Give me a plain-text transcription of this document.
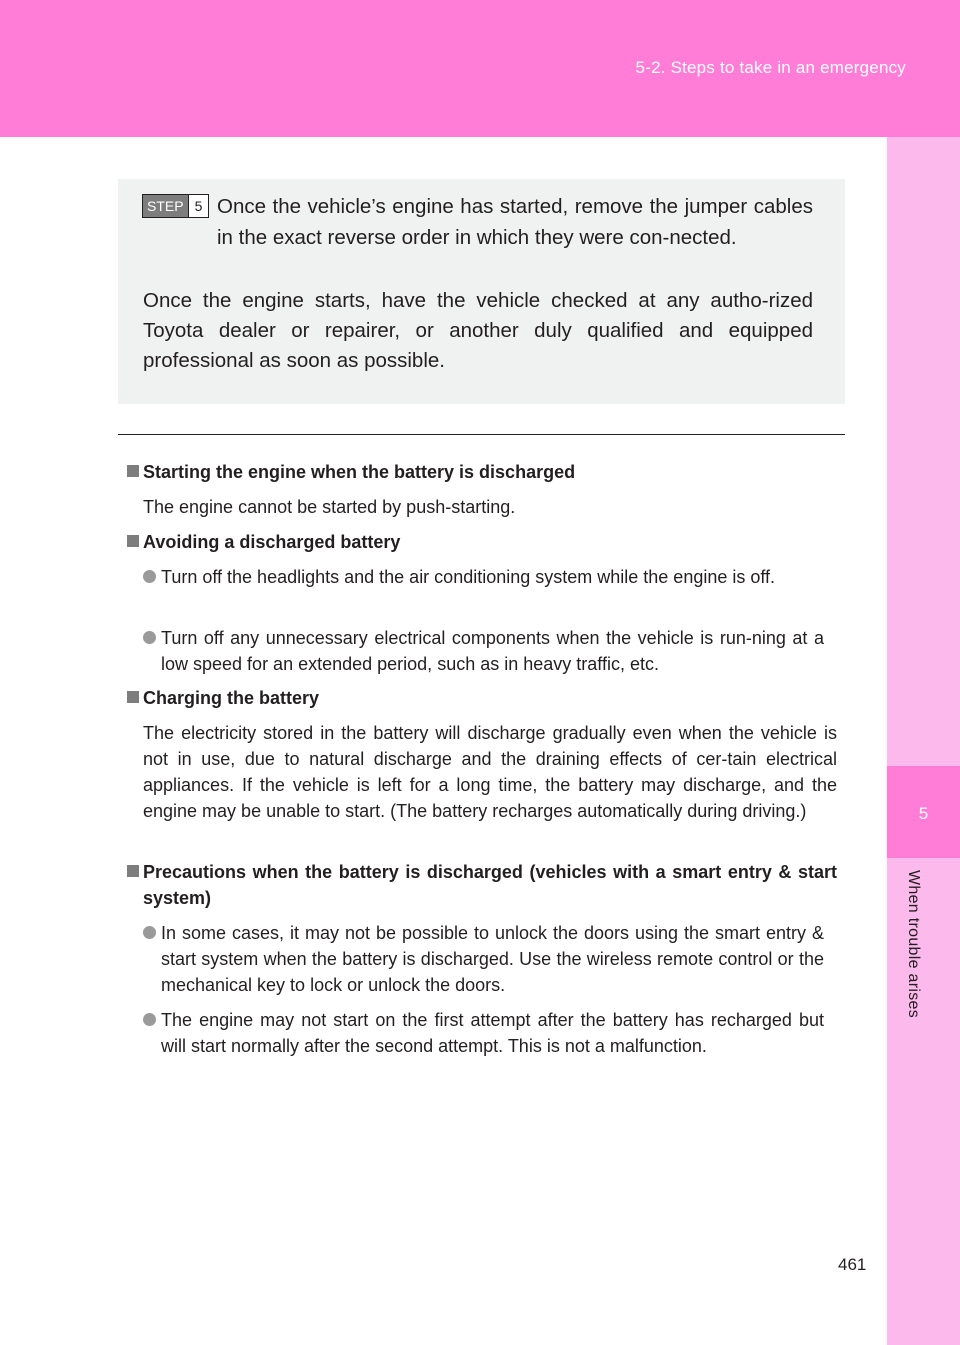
5-2. Steps to take in an emergency
5
When trouble arises
STEP 5 Once the vehicle’s engine has started, remove the jumper cables in the exact reverse order in which they were con-nected.
Once the engine starts, have the vehicle checked at any autho-rized Toyota dealer or repairer, or another duly qualified and equipped professional as soon as possible.
Starting the engine when the battery is discharged
The engine cannot be started by push-starting.
Avoiding a discharged battery
Turn off the headlights and the air conditioning system while the engine is off.
Turn off any unnecessary electrical components when the vehicle is run-ning at a low speed for an extended period, such as in heavy traffic, etc.
Charging the battery
The electricity stored in the battery will discharge gradually even when the vehicle is not in use, due to natural discharge and the draining effects of cer-tain electrical appliances. If the vehicle is left for a long time, the battery may discharge, and the engine may be unable to start. (The battery recharges automatically during driving.)
Precautions when the battery is discharged (vehicles with a smart entry & start system)
In some cases, it may not be possible to unlock the doors using the smart entry & start system when the battery is discharged. Use the wireless remote control or the mechanical key to lock or unlock the doors.
The engine may not start on the first attempt after the battery has recharged but will start normally after the second attempt. This is not a malfunction.
461
